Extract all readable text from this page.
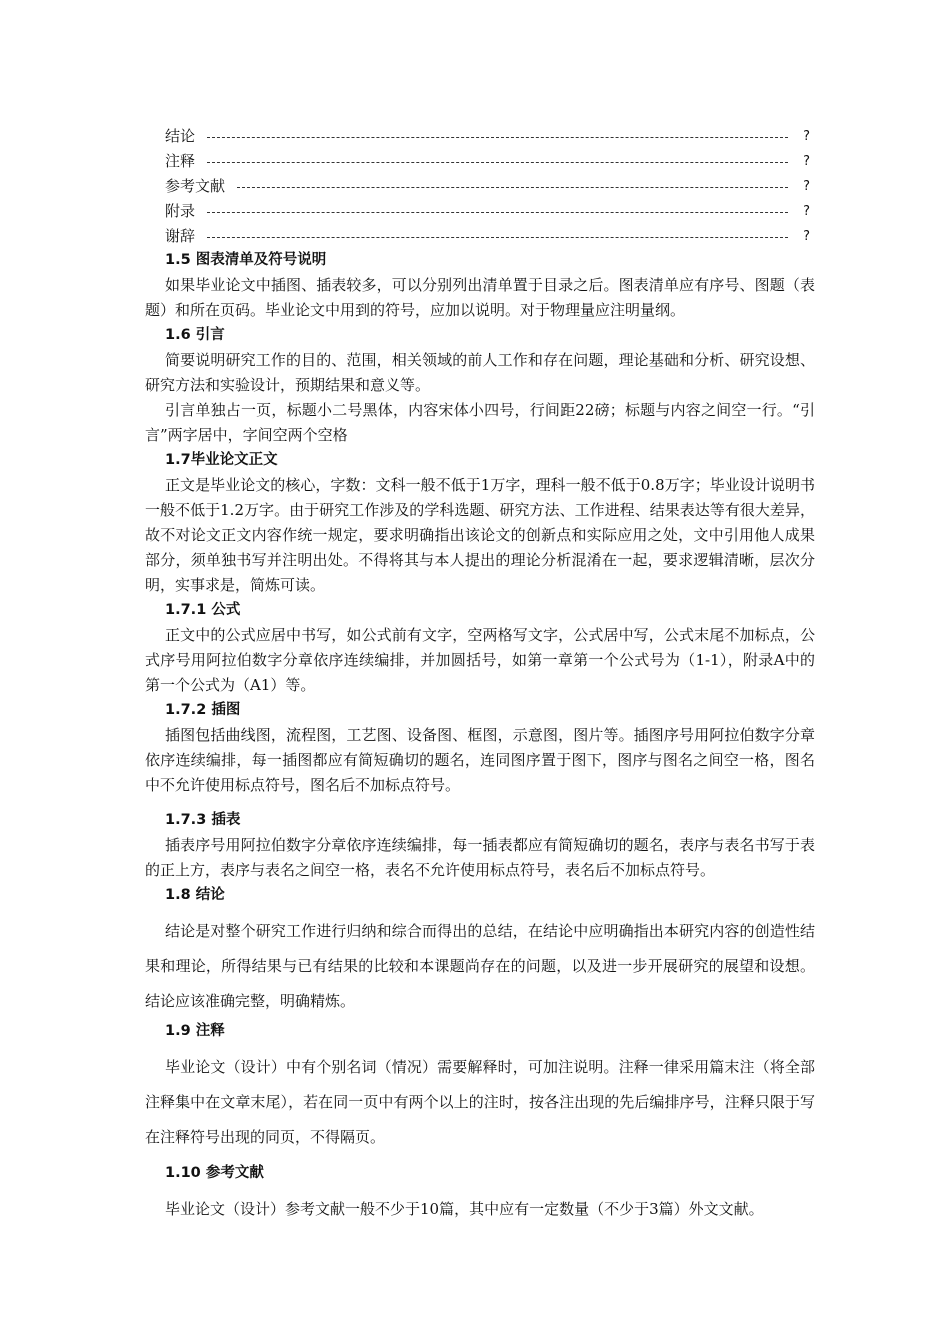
结论	?
注释	?
参考文献	?
附录	?
谢辞	?
1.5 图表清单及符号说明

如果毕业论文中插图、插表较多，可以分别列出清单置于目录之后。图表清单应有序号、图题（表题）和所在页码。毕业论文中用到的符号，应加以说明。对于物理量应注明量纲。

1.6 引言

简要说明研究工作的目的、范围，相关领域的前人工作和存在问题，理论基础和分析、研究设想、研究方法和实验设计，预期结果和意义等。

引言单独占一页，标题小二号黑体，内容宋体小四号，行间距22磅；标题与内容之间空一行。“引言”两字居中，字间空两个空格

1.7毕业论文正文

正文是毕业论文的核心，字数：文科一般不低于1万字，理科一般不低于0.8万字；毕业设计说明书一般不低于1.2万字。由于研究工作涉及的学科选题、研究方法、工作进程、结果表达等有很大差异，故不对论文正文内容作统一规定，要求明确指出该论文的创新点和实际应用之处，文中引用他人成果部分，须单独书写并注明出处。不得将其与本人提出的理论分析混淆在一起，要求逻辑清晰，层次分明，实事求是，简炼可读。

1.7.1 公式

正文中的公式应居中书写，如公式前有文字，空两格写文字，公式居中写，公式末尾不加标点，公式序号用阿拉伯数字分章依序连续编排，并加圆括号，如第一章第一个公式号为（1-1），附录A中的第一个公式为（A1）等。

1.7.2 插图

插图包括曲线图，流程图，工艺图、设备图、框图，示意图，图片等。插图序号用阿拉伯数字分章依序连续编排，每一插图都应有简短确切的题名，连同图序置于图下，图序与图名之间空一格，图名中不允许使用标点符号，图名后不加标点符号。

1.7.3 插表

插表序号用阿拉伯数字分章依序连续编排，每一插表都应有简短确切的题名，表序与表名书写于表的正上方，表序与表名之间空一格，表名不允许使用标点符号，表名后不加标点符号。

1.8 结论

结论是对整个研究工作进行归纳和综合而得出的总结，在结论中应明确指出本研究内容的创造性结果和理论，所得结果与已有结果的比较和本课题尚存在的问题，以及进一步开展研究的展望和设想。结论应该准确完整，明确精炼。

1.9 注释

毕业论文（设计）中有个别名词（情况）需要解释时，可加注说明。注释一律采用篇末注（将全部注释集中在文章末尾），若在同一页中有两个以上的注时，按各注出现的先后编排序号，注释只限于写在注释符号出现的同页，不得隔页。

1.10 参考文献

毕业论文（设计）参考文献一般不少于10篇，其中应有一定数量（不少于3篇）外文文献。
